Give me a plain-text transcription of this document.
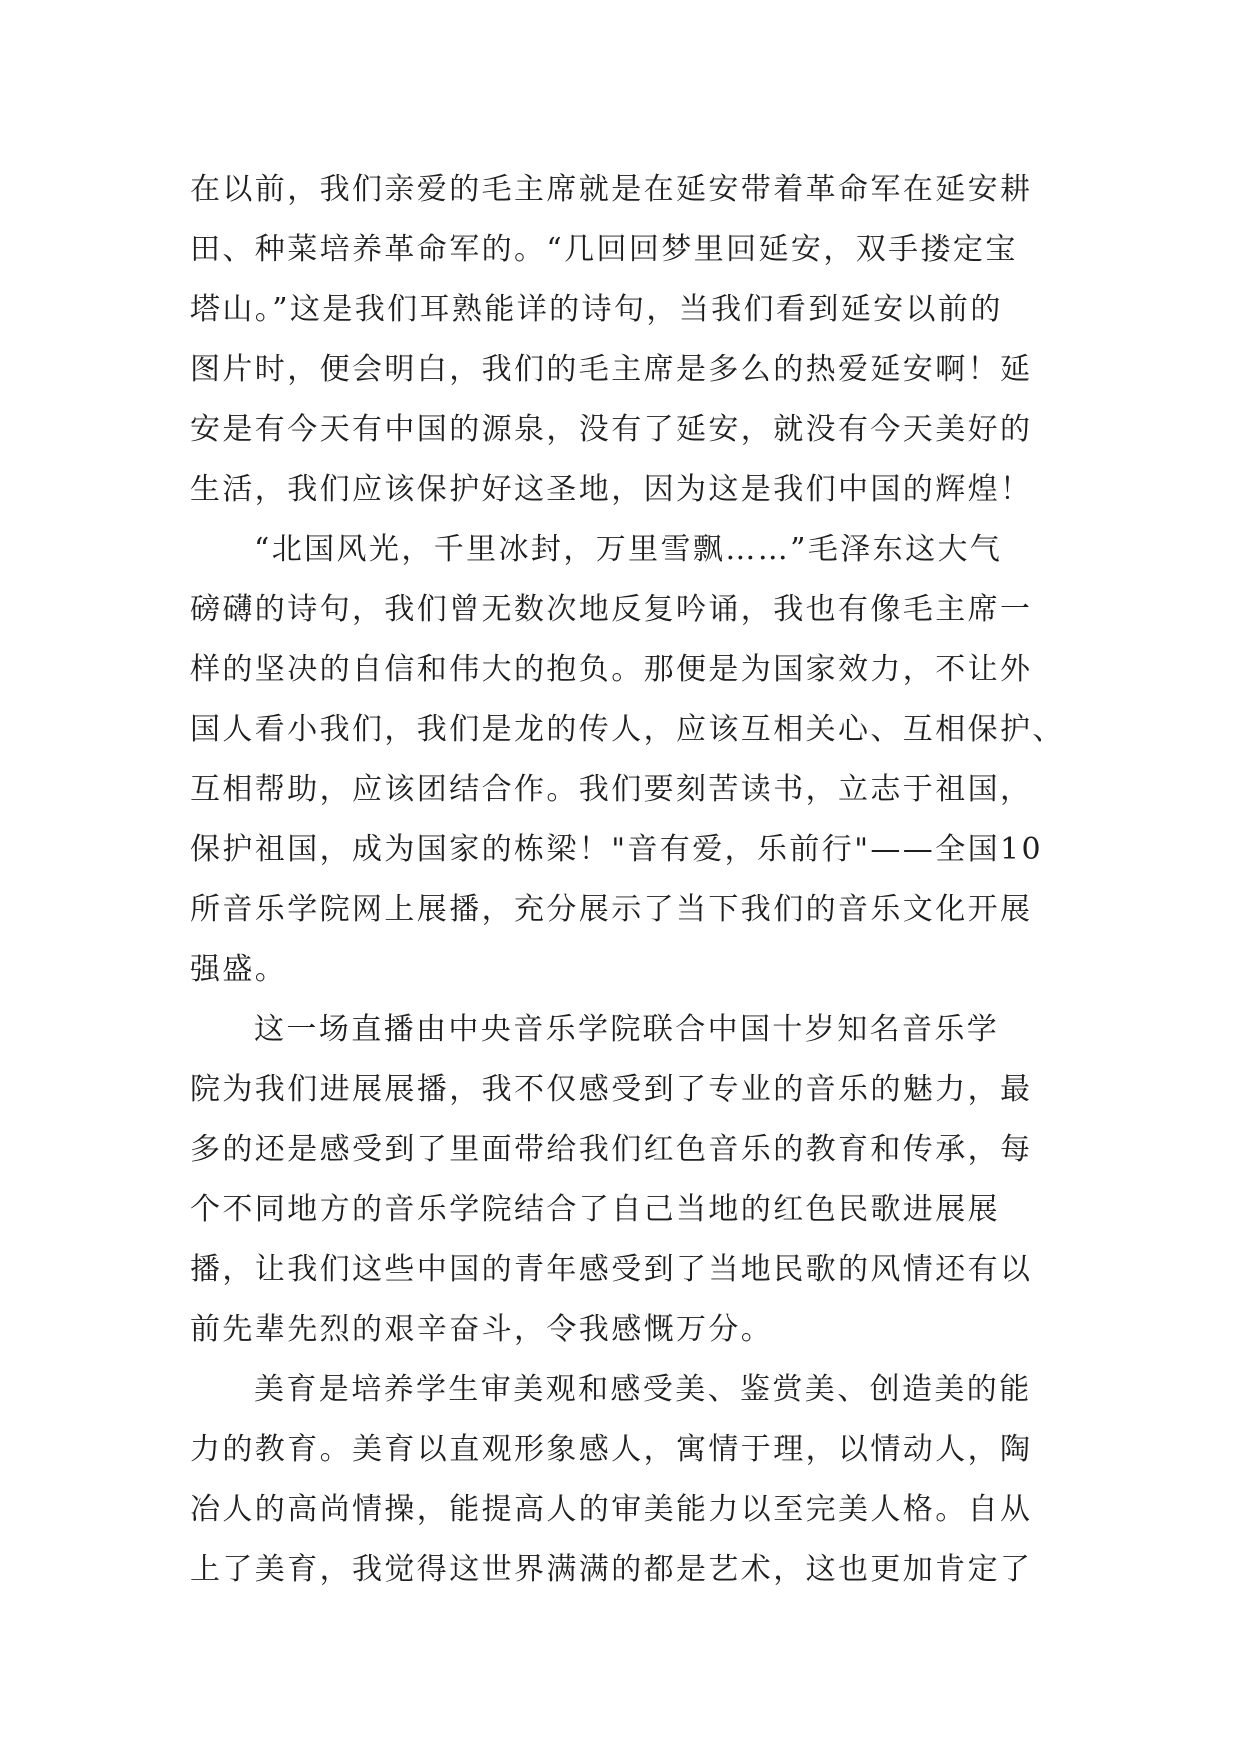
在以前，我们亲爱的毛主席就是在延安带着革命军在延安耕
田、种菜培养革命军的。“几回回梦里回延安，双手搂定宝
塔山。”这是我们耳熟能详的诗句，当我们看到延安以前的
图片时，便会明白，我们的毛主席是多么的热爱延安啊！延
安是有今天有中国的源泉，没有了延安，就没有今天美好的
生活，我们应该保护好这圣地，因为这是我们中国的辉煌！
“北国风光，千里冰封，万里雪飘……”毛泽东这大气
磅礴的诗句，我们曾无数次地反复吟诵，我也有像毛主席一
样的坚决的自信和伟大的抱负。那便是为国家效力，不让外
国人看小我们，我们是龙的传人，应该互相关心、互相保护、
互相帮助，应该团结合作。我们要刻苦读书，立志于祖国，
保护祖国，成为国家的栋梁！"音有爱，乐前行"——全国10
所音乐学院网上展播，充分展示了当下我们的音乐文化开展
强盛。
这一场直播由中央音乐学院联合中国十岁知名音乐学
院为我们进展展播，我不仅感受到了专业的音乐的魅力，最
多的还是感受到了里面带给我们红色音乐的教育和传承，每
个不同地方的音乐学院结合了自己当地的红色民歌进展展
播，让我们这些中国的青年感受到了当地民歌的风情还有以
前先辈先烈的艰辛奋斗，令我感慨万分。
美育是培养学生审美观和感受美、鉴赏美、创造美的能
力的教育。美育以直观形象感人，寓情于理，以情动人，陶
冶人的高尚情操，能提高人的审美能力以至完美人格。自从
上了美育，我觉得这世界满满的都是艺术，这也更加肯定了
